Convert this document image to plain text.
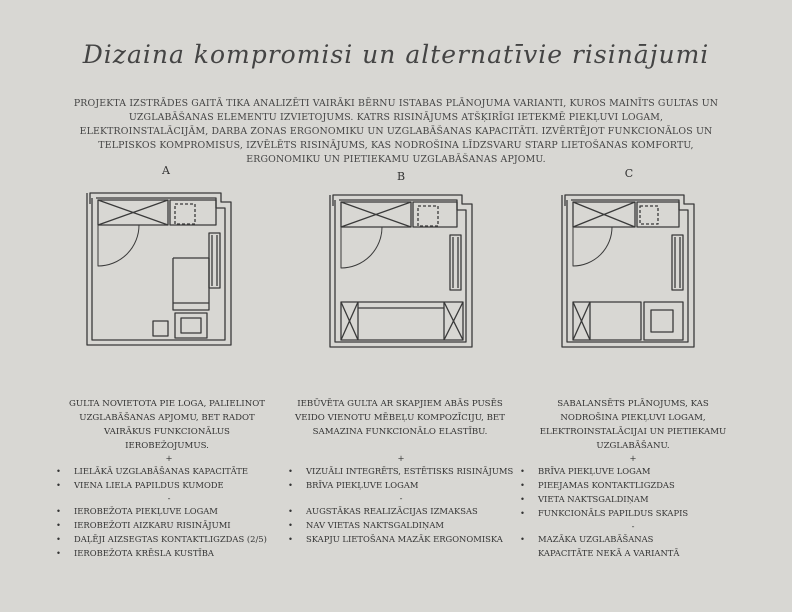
Dizaina kompromisi un alternatīvie risinājumi
PROJEKTA IZSTRĀDES GAITĀ TIKA ANALIZĒTI VAIRĀKI BĒRNU ISTABAS PLĀNOJUMA VARIANTI, KUROS MAINĪTS GULTAS UN UZGLABĀŠANAS ELEMENTU IZVIETOJUMS. KATRS RISINĀJUMS ATŠĶIRĪGI IETEKMĒ PIEKĻUVI LOGAM, ELEKTROINSTALĀCIJĀM, DARBA ZONAS ERGONOMIKU UN UZGLABĀŠANAS KAPACITĀTI. IZVĒRTĒJOT FUNKCIONĀLOS UN TELPISKOS KOMPROMISUS, IZVĒLĒTS RISINĀJUMS, KAS NODROŠINA LĪDZSVARU STARP LIETOŠANAS KOMFORTU, ERGONOMIKU UN PIETIEKAMU UZGLABĀŠANAS APJOMU.
A	B	C
GULTA NOVIETOTA PIE LOGA, PALIELINOT UZGLABĀŠANAS APJOMU, BET RADOT VAIRĀKUS FUNKCIONĀLUS IEROBEŽOJUMUS.
IEBŪVĒTA GULTA AR SKAPJIEM ABĀS PUSĒS VEIDO VIENOTU MĒBEĻU KOMPOZĪCIJU, BET SAMAZINA FUNKCIONĀLO ELASTĪBU.
SABALANSĒTS PLĀNOJUMS, KAS NODROŠINA PIEKĻUVI LOGAM, ELEKTROINSTALĀCIJAI UN PIETIEKAMU UZGLABĀŠANU.
+
• LIELĀKĀ UZGLABĀŠANAS KAPACITĀTE
• VIENA LIELA PAPILDUS KUMODE
-
• IEROBEŽOTA PIEKĻUVE LOGAM
• IEROBEŽOTI AIZKARU RISINĀJUMI
• DAĻĒJI AIZSEGTAS KONTAKTLIGZDAS (2/5)
• IEROBEŽOTA KRĒSLA KUSTĪBA
+
• VIZUĀLI INTEGRĒTS, ESTĒTISKS RISINĀJUMS
• BRĪVA PIEKĻUVE LOGAM
-
• AUGSTĀKAS REALIZĀCIJAS IZMAKSAS
• NAV VIETAS NAKTSGALDIŅAM
• SKAPJU LIETOŠANA MAZĀK ERGONOMISKA
+
• BRĪVA PIEKĻUVE LOGAM
• PIEEJAMAS KONTAKTLIGZDAS
• VIETA NAKTSGALDIŅAM
• FUNKCIONĀLS PAPILDUS SKAPIS
-
• MAZĀKA UZGLABĀŠANAS KAPACITĀTE NEKĀ A VARIANTĀ
